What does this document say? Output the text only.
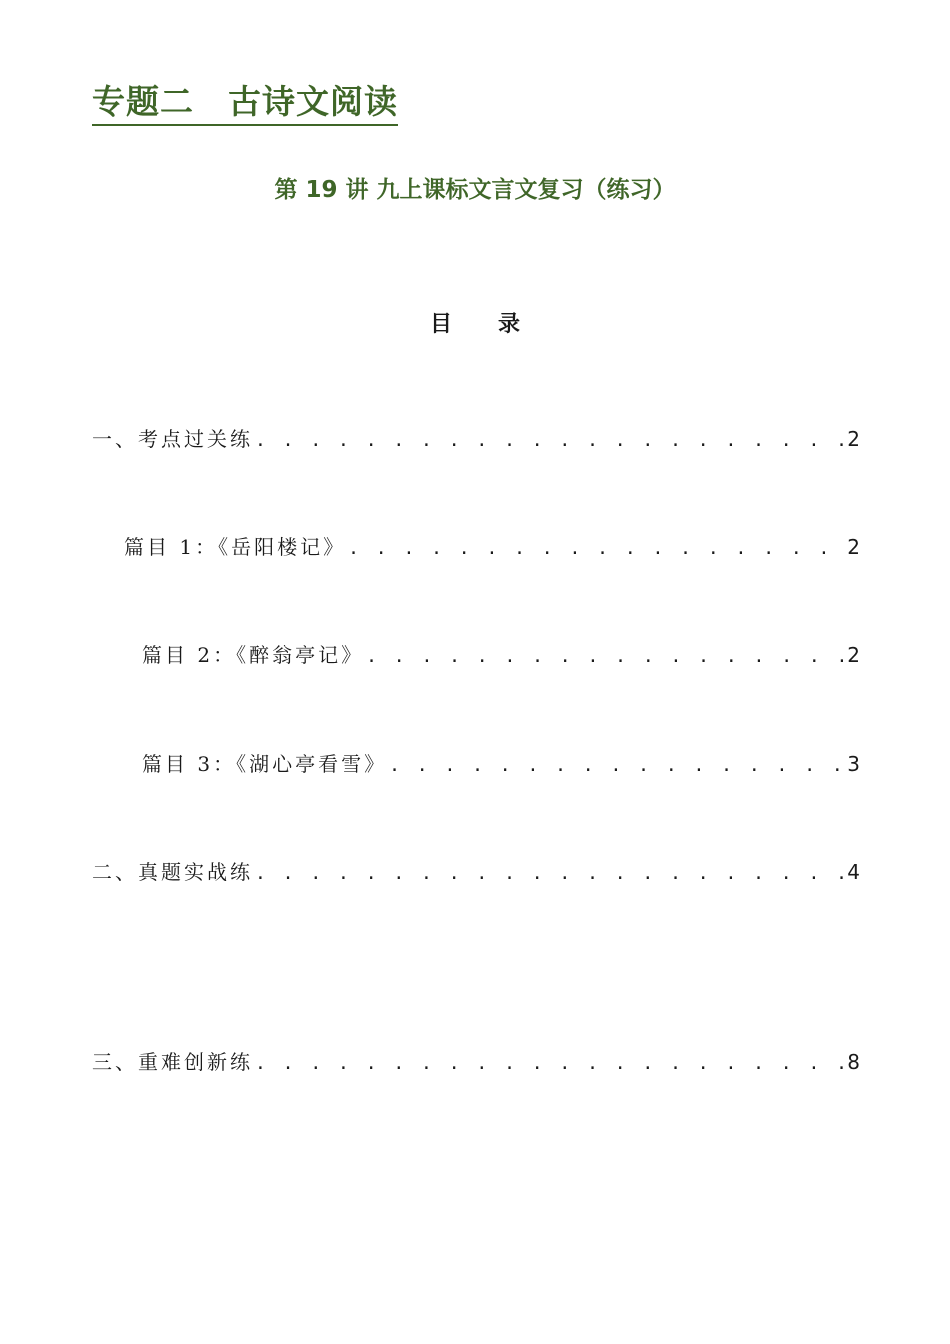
专题二　古诗文阅读
第 19 讲 九上课标文言文复习（练习）
目录
一、考点过关练 . . .	2
篇目 1：《岳阳楼记》 . . .	2
篇目 2：《醉翁亭记》 . . .	2
篇目 3：《湖心亭看雪》 . . .	3
二、真题实战练 . . .	4
三、重难创新练 . . .	8
